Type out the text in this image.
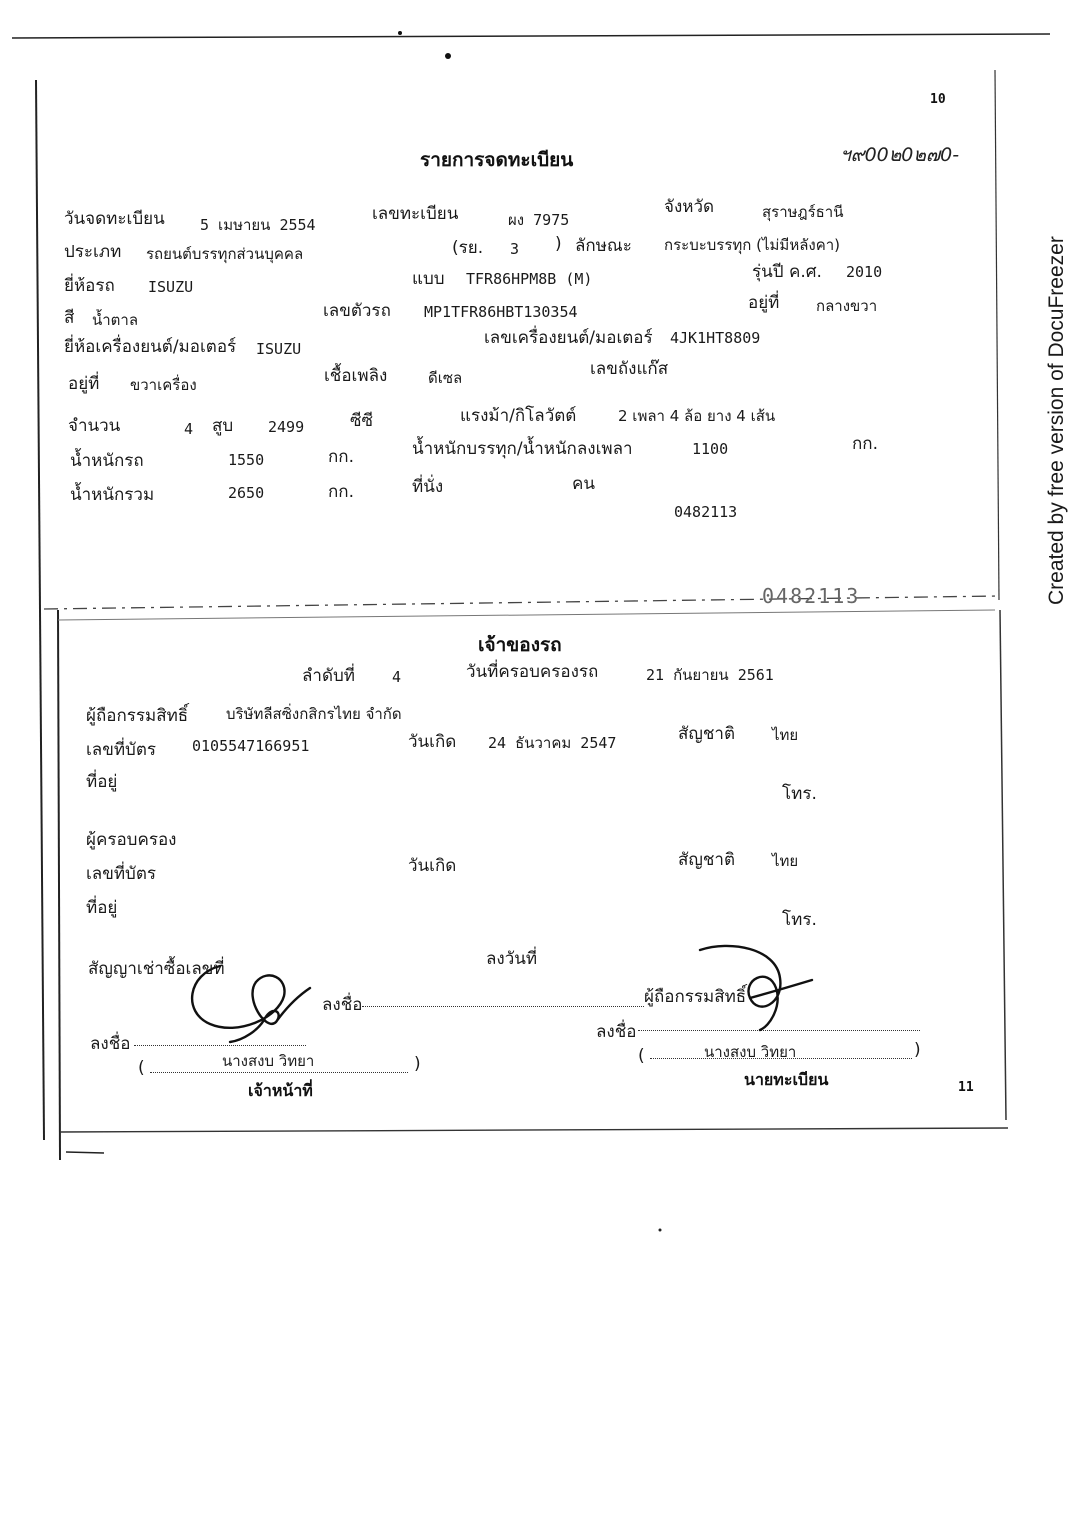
10
11
ฯ๙00๒0๒๗0-
รายการจดทะเบียน
วันจดทะเบียน 5 เมษายน 2554
เลขทะเบียน	ผง 7975
จังหวัด	สุราษฎร์ธานี
ประเภท รถยนต์บรรทุกส่วนบุคคล	(รย. 3 ) ลักษณะ กระบะบรรทุก (ไม่มีหลังคา)
ยี่ห้อรถ ISUZU	แบบ TFR86HPM8B (M)	รุ่นปี ค.ศ. 2010
สี น้ำตาล	เลขตัวรถ MP1TFR86HBT130354	อยู่ที่ กลางขวา
ยี่ห้อเครื่องยนต์/มอเตอร์ ISUZU
เลขเครื่องยนต์/มอเตอร์ 4JK1HT8809
อยู่ที่ ขวาเครื่อง	เชื้อเพลิง	ดีเซล	เลขถังแก๊ส
จำนวน	4 สูบ 2499	ซีซี	แรงม้า/กิโลวัตต์	2 เพลา 4 ล้อ ยาง 4 เส้น
น้ำหนักรถ	1550	กก.	น้ำหนักบรรทุก/น้ำหนักลงเพลา	1100	กก.
น้ำหนักรวม	2650	กก.	ที่นั่ง	คน
0482113
0482113
เจ้าของรถ
ลำดับที่ 4	วันที่ครอบครองรถ	21 กันยายน 2561
ผู้ถือกรรมสิทธิ์	บริษัทลีสซิ่งกสิกรไทย จำกัด
เลขที่บัตร 0105547166951	วันเกิด 24 ธันวาคม 2547	สัญชาติ ไทย
ที่อยู่
โทร.
ผู้ครอบครอง
เลขที่บัตร	วันเกิด	สัญชาติ ไทย
ที่อยู่
โทร.
สัญญาเช่าซื้อเลขที่	ลงวันที่
ลงชื่อ	ผู้ถือกรรมสิทธิ์
ลงชื่อ
ลงชื่อ
(	นางสงบ วิทยา	)	(	นางสงบ วิทยา	)
เจ้าหน้าที่
นายทะเบียน
Created by free version of DocuFreezer
